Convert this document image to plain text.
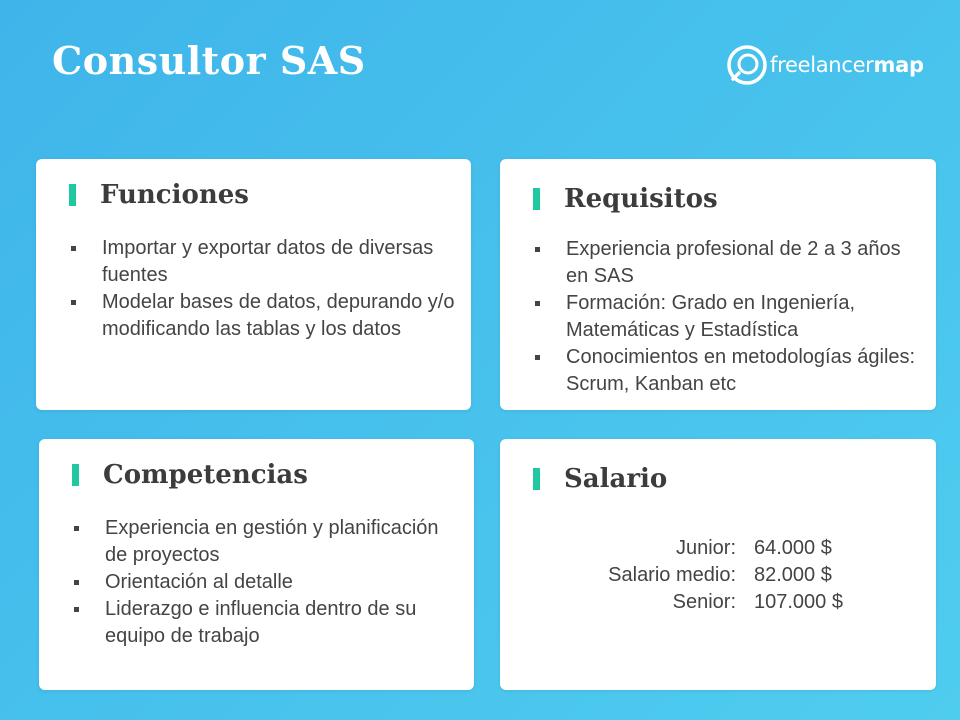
Consultor SAS	freelancermap
Funciones
Importar y exportar datos de diversas fuentes
Modelar bases de datos, depurando y/o modificando las tablas y los datos
Requisitos
Experiencia profesional de 2 a 3 años en SAS
Formación: Grado en Ingeniería, Matemáticas y Estadística
Conocimientos en metodologías ágiles: Scrum, Kanban etc
Competencias
Experiencia en gestión y planificación de proyectos
Orientación al detalle
Liderazgo e influencia dentro de su equipo de trabajo
Salario
Junior:	64.000 $
Salario medio:	82.000 $
Senior:	107.000 $
